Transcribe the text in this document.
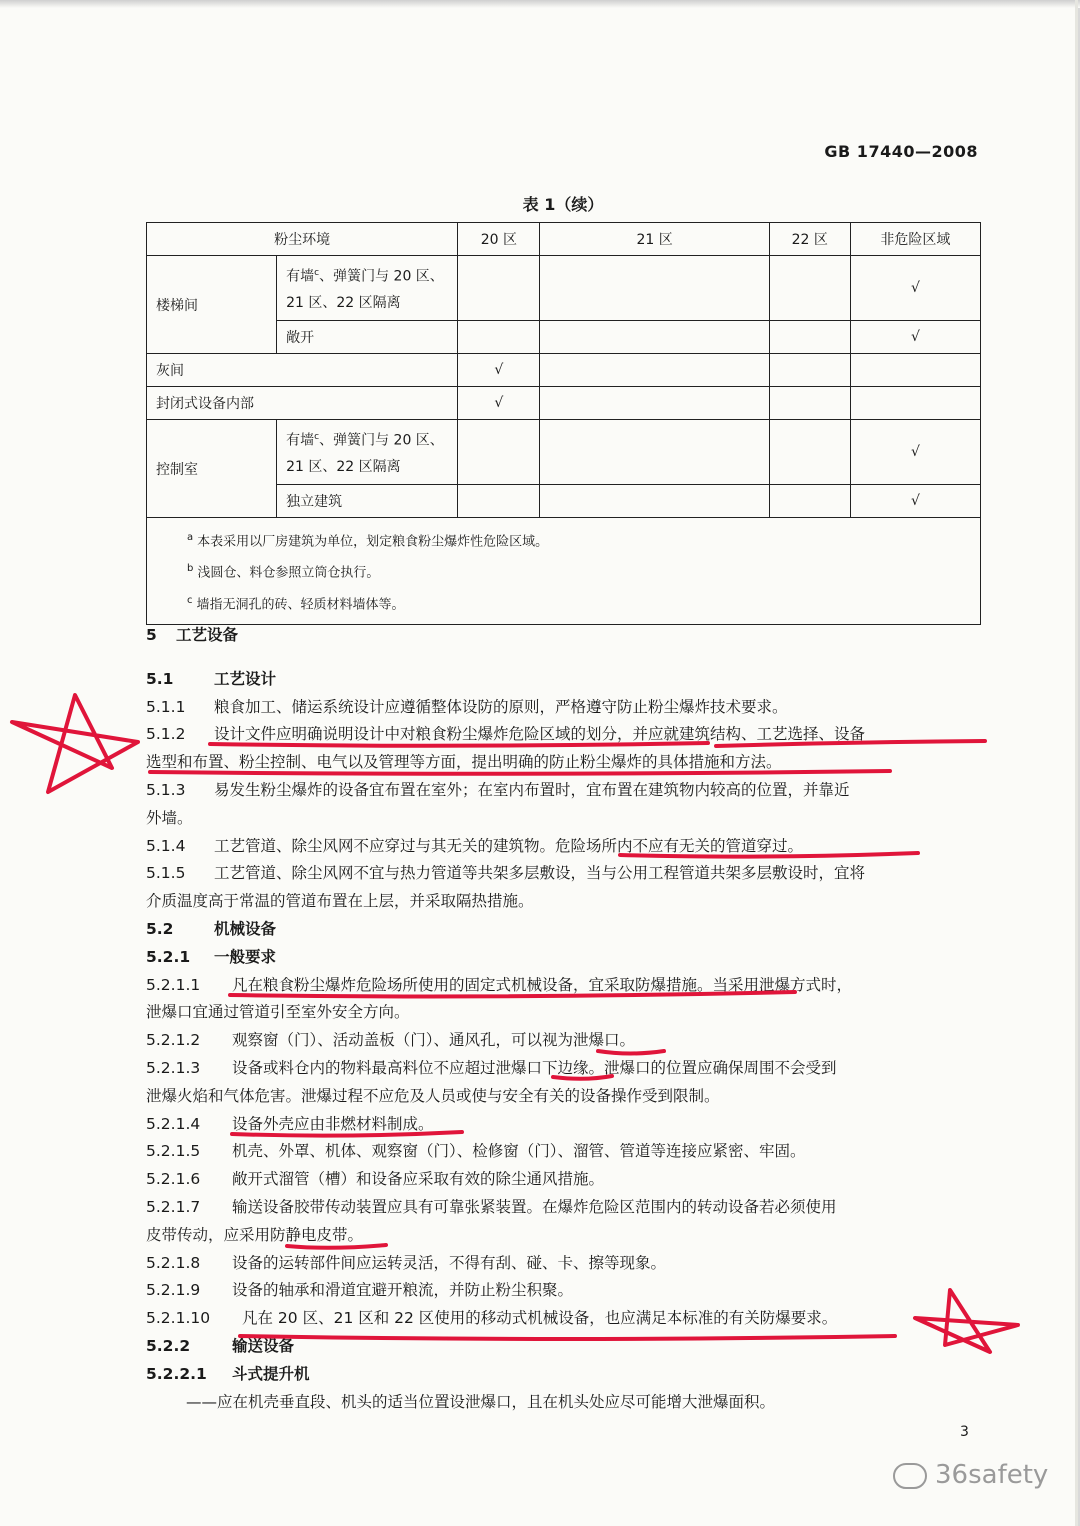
GB 17440—2008
表 1（续）
粉尘环境		20 区	21 区	22 区	非危险区域
楼梯间	有墙$^c$、弹簧门与 20 区、
21 区、22 区隔离				√
	敞开				√
灰间		√			
封闭式设备内部		√			
控制室	有墙$^c$、弹簧门与 20 区、
21 区、22 区隔离				√
	独立建筑				√

$^a$ 本表采用以厂房建筑为单位，划定粮食粉尘爆炸性危险区域。
$^b$ 浅圆仓、料仓参照立筒仓执行。
$^c$ 墙指无洞孔的砖、轻质材料墙体等。					
5 工艺设备
5.1	工艺设计
5.1.1 粮食加工、储运系统设计应遵循整体设防的原则，严格遵守防止粉尘爆炸技术要求。
5.1.2 设计文件应明确说明设计中对粮食粉尘爆炸危险区域的划分，并应就建筑结构、工艺选择、设备
选型和布置、粉尘控制、电气以及管理等方面，提出明确的防止粉尘爆炸的具体措施和方法。
5.1.3 易发生粉尘爆炸的设备宜布置在室外；在室内布置时，宜布置在建筑物内较高的位置，并靠近
外墙。
5.1.4 工艺管道、除尘风网不应穿过与其无关的建筑物。危险场所内不应有无关的管道穿过。
5.1.5 工艺管道、除尘风网不宜与热力管道等共架多层敷设，当与公用工程管道共架多层敷设时，宜将
介质温度高于常温的管道布置在上层，并采取隔热措施。
5.2	机械设备
5.2.1 一般要求
5.2.1.1 凡在粮食粉尘爆炸危险场所使用的固定式机械设备，宜采取防爆措施。当采用泄爆方式时，
泄爆口宜通过管道引至室外安全方向。
5.2.1.2 观察窗（门）、活动盖板（门）、通风孔，可以视为泄爆口。
5.2.1.3 设备或料仓内的物料最高料位不应超过泄爆口下边缘。泄爆口的位置应确保周围不会受到
泄爆火焰和气体危害。泄爆过程不应危及人员或使与安全有关的设备操作受到限制。
5.2.1.4 设备外壳应由非燃材料制成。
5.2.1.5 机壳、外罩、机体、观察窗（门）、检修窗（门）、溜管、管道等连接应紧密、牢固。
5.2.1.6 敞开式溜管（槽）和设备应采取有效的除尘通风措施。
5.2.1.7 输送设备胶带传动装置应具有可靠张紧装置。在爆炸危险区范围内的转动设备若必须使用
皮带传动，应采用防静电皮带。
5.2.1.8 设备的运转部件间应运转灵活，不得有刮、碰、卡、擦等现象。
5.2.1.9 设备的轴承和滑道宜避开粮流，并防止粉尘积聚。
5.2.1.10 凡在 20 区、21 区和 22 区使用的移动式机械设备，也应满足本标准的有关防爆要求。
5.2.2	输送设备
5.2.2.1 斗式提升机
——应在机壳垂直段、机头的适当位置设泄爆口，且在机头处应尽可能增大泄爆面积。
3
36safety
